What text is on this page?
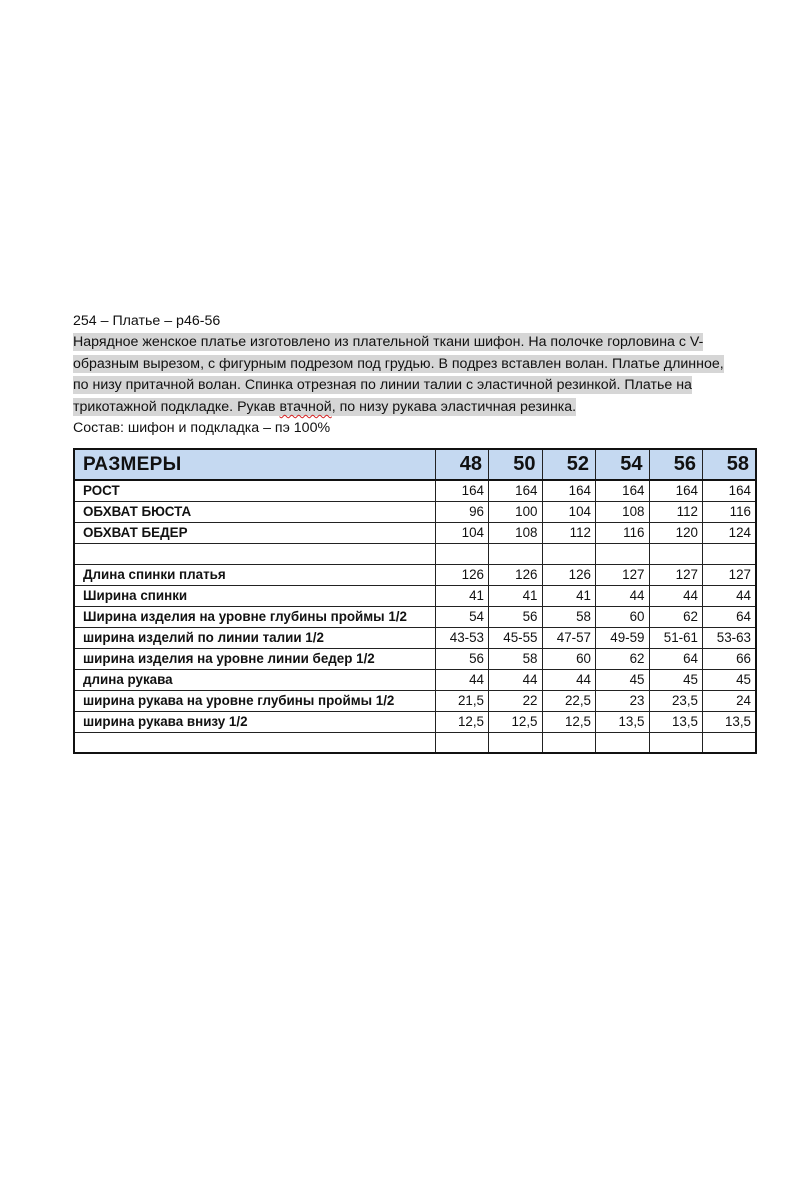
254 – Платье – р46-56
Нарядное женское платье изготовлено из плательной ткани шифон. На полочке горловина с V-
образным вырезом, с фигурным подрезом под грудью. В подрез вставлен волан. Платье длинное,
по низу притачной волан. Спинка отрезная по линии талии с эластичной резинкой. Платье на
трикотажной подкладке. Рукав втачной, по низу рукава эластичная резинка.
Состав: шифон и подкладка – пэ 100%
РАЗМЕРЫ	48	50	52	54	56	58
РОСТ	164	164	164	164	164	164
ОБХВАТ БЮСТА	96	100	104	108	112	116
ОБХВАТ БЕДЕР	104	108	112	116	120	124

Длина спинки платья	126	126	126	127	127	127
Ширина спинки	41	41	41	44	44	44
Ширина изделия на уровне глубины проймы 1/2	54	56	58	60	62	64
ширина изделий по линии талии 1/2	43-53	45-55	47-57	49-59	51-61	53-63
ширина изделия на уровне линии бедер 1/2	56	58	60	62	64	66
длина рукава	44	44	44	45	45	45
ширина рукава на уровне глубины проймы 1/2	21,5	22	22,5	23	23,5	24
ширина рукава внизу 1/2	12,5	12,5	12,5	13,5	13,5	13,5
